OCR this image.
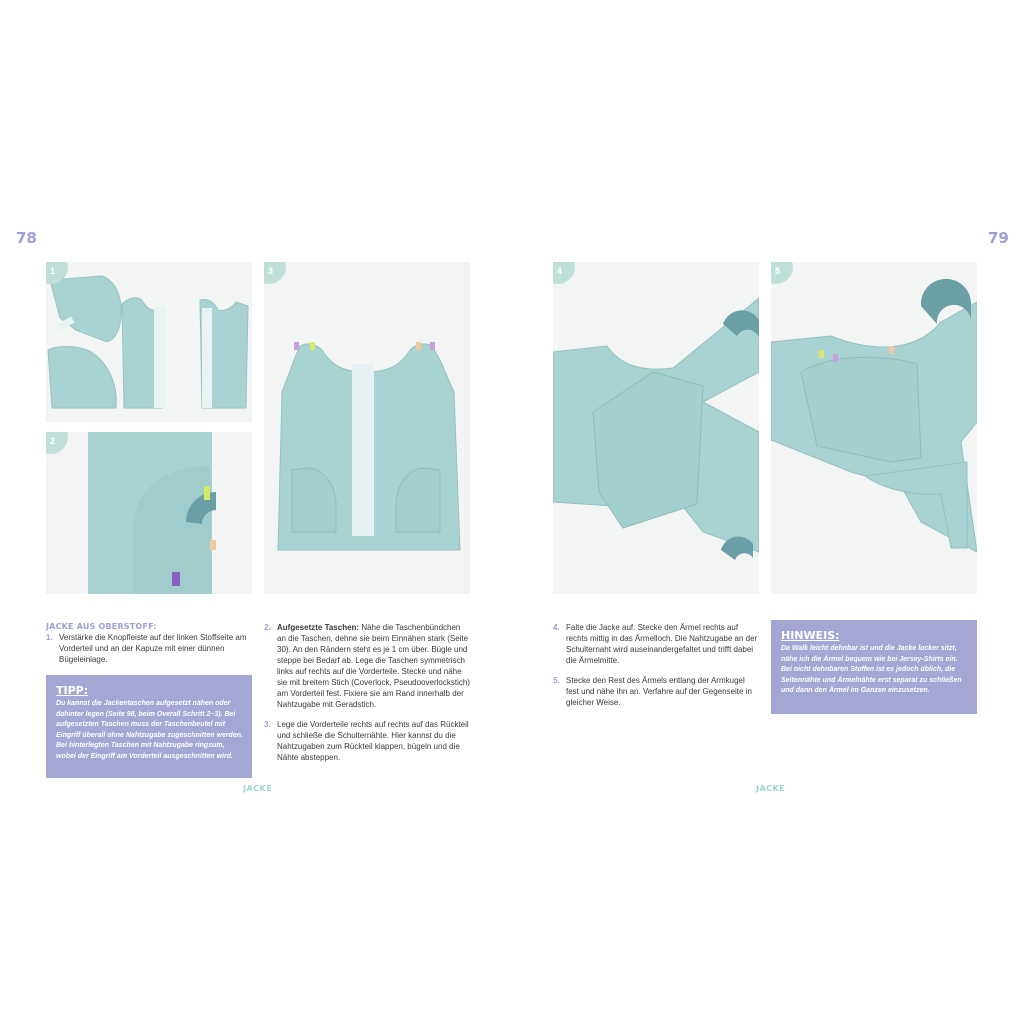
78	79
1
2
3	4	5
JACKE AUS OBERSTOFF:
1. Verstärke die Knopfleiste auf der linken Stoffseite am Vorderteil und an der Kapuze mit einer dünnen Bügeleinlage.
TIPP:
Du kannst die Jackentaschen aufgesetzt nähen oder dahinter legen (Seite 98, beim Overall Schritt 2–3). Bei aufgesetzten Taschen muss der Taschenbeutel mit Eingriff überall ohne Nahtzugabe zugeschnitten werden. Bei hinterlegten Taschen mit Nahtzugabe ringsum, wobei der Eingriff am Vorderteil ausgeschnitten wird.
2. Aufgesetzte Taschen: Nähe die Taschenbündchen an die Taschen, dehne sie beim Einnähen stark (Seite 30). An den Rändern steht es je 1 cm über. Bügle und steppe bei Bedarf ab. Lege die Taschen symmetrisch links auf rechts auf die Vorderteile. Stecke und nähe sie mit breitem Stich (Coverlock, Pseudooverlockstich) am Vorderteil fest. Fixiere sie am Rand innerhalb der Nahtzugabe mit Geradstich.
3. Lege die Vorderteile rechts auf rechts auf das Rückteil und schließe die Schulternähte. Hier kannst du die Nahtzugaben zum Rückteil klappen, bügeln und die Nähte absteppen.
4. Falte die Jacke auf. Stecke den Ärmel rechts auf rechts mittig in das Ärmelloch. Die Nahtzugabe an der Schulternaht wird auseinandergefaltet und trifft dabei die Ärmelmitte.
5. Stecke den Rest des Ärmels entlang der Armkugel fest und nähe ihn an. Verfahre auf der Gegenseite in gleicher Weise.
HINWEIS:
Da Walk leicht dehnbar ist und die Jacke locker sitzt, nähe ich die Ärmel bequem wie bei Jersey-Shirts ein. Bei nicht dehnbaren Stoffen ist es jedoch üblich, die Seitennähte und Ärmelnähte erst separat zu schließen und dann den Ärmel im Ganzen einzusetzen.
JACKE	JACKE
